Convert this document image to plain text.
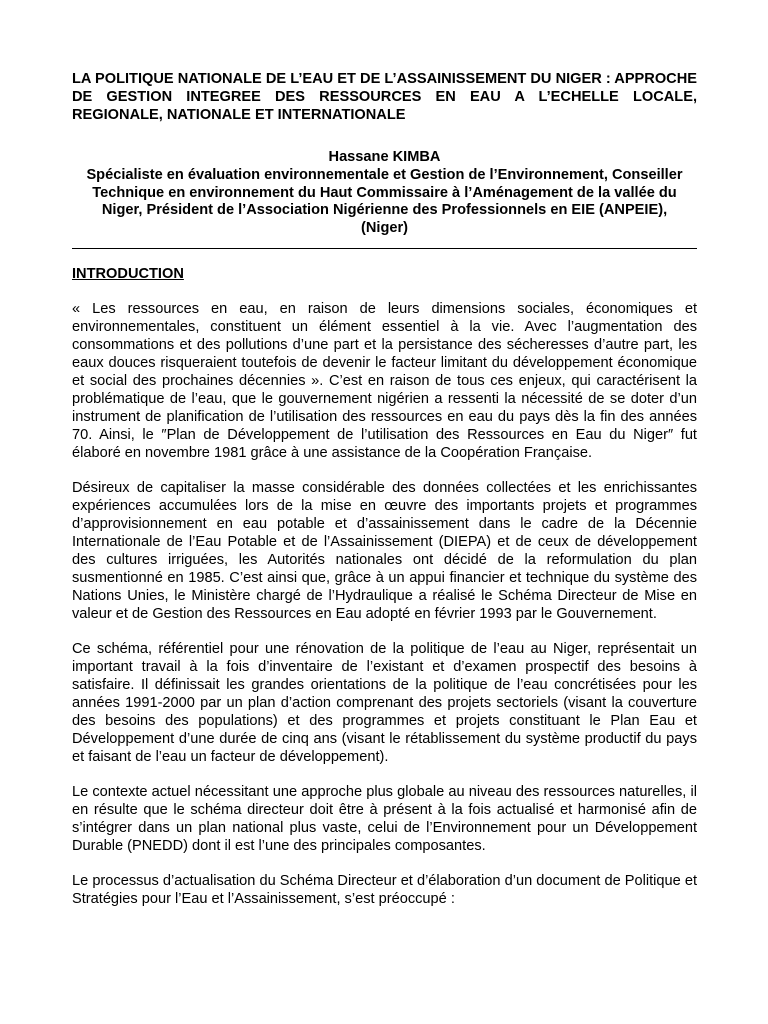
LA POLITIQUE NATIONALE DE L’EAU ET DE L’ASSAINISSEMENT DU NIGER : APPROCHE DE GESTION INTEGREE DES RESSOURCES EN EAU A L’ECHELLE LOCALE, REGIONALE, NATIONALE ET INTERNATIONALE
Hassane KIMBA
Spécialiste en évaluation environnementale et Gestion de l’Environnement, Conseiller
Technique en environnement du Haut Commissaire à l’Aménagement de la vallée du
Niger, Président de l’Association Nigérienne des Professionnels en EIE (ANPEIE),
(Niger)
INTRODUCTION

« Les ressources en eau, en raison de leurs dimensions sociales, économiques et environnementales, constituent un élément essentiel à la vie. Avec l’augmentation des consommations et des pollutions d’une part et la persistance des sécheresses d’autre part, les eaux douces risqueraient toutefois de devenir le facteur limitant du développement économique et social des prochaines décennies ». C’est en raison de tous ces enjeux, qui caractérisent la problématique de l’eau, que le gouvernement nigérien a ressenti la nécessité de se doter d’un instrument de planification de l’utilisation des ressources en eau du pays dès la fin des années 70. Ainsi, le ″Plan de Développement de l’utilisation des Ressources en Eau du Niger″ fut élaboré en novembre 1981 grâce à une assistance de la Coopération Française.

Désireux de capitaliser la masse considérable des données collectées et les enrichissantes expériences accumulées lors de la mise en œuvre des importants projets et programmes d’approvisionnement en eau potable et d’assainissement dans le cadre de la Décennie Internationale de l’Eau Potable et de l’Assainissement (DIEPA) et de ceux de développement des cultures irriguées, les Autorités nationales ont décidé de la reformulation du plan susmentionné en 1985. C’est ainsi que, grâce à un appui financier et technique du système des Nations Unies, le Ministère chargé de l’Hydraulique a réalisé le Schéma Directeur de Mise en valeur et de Gestion des Ressources en Eau adopté en février 1993 par le Gouvernement.

Ce schéma, référentiel pour une rénovation de la politique de l’eau au Niger, représentait un important travail à la fois d’inventaire de l’existant et d’examen prospectif des besoins à satisfaire. Il définissait les grandes orientations de la politique de l’eau concrétisées pour les années 1991-2000 par un plan d’action comprenant des projets sectoriels (visant la couverture des besoins des populations) et des programmes et projets constituant le Plan Eau et Développement d’une durée de cinq ans (visant le rétablissement du système productif du pays et faisant de l’eau un facteur de développement).

Le contexte actuel nécessitant une approche plus globale au niveau des ressources naturelles, il en résulte que le schéma directeur doit être à présent à la fois actualisé et harmonisé afin de s’intégrer dans un plan national plus vaste, celui de l’Environnement pour un Développement Durable (PNEDD) dont il est l’une des principales composantes.

Le processus d’actualisation du Schéma Directeur et d’élaboration d’un document de Politique et Stratégies pour l’Eau et l’Assainissement, s’est préoccupé :
